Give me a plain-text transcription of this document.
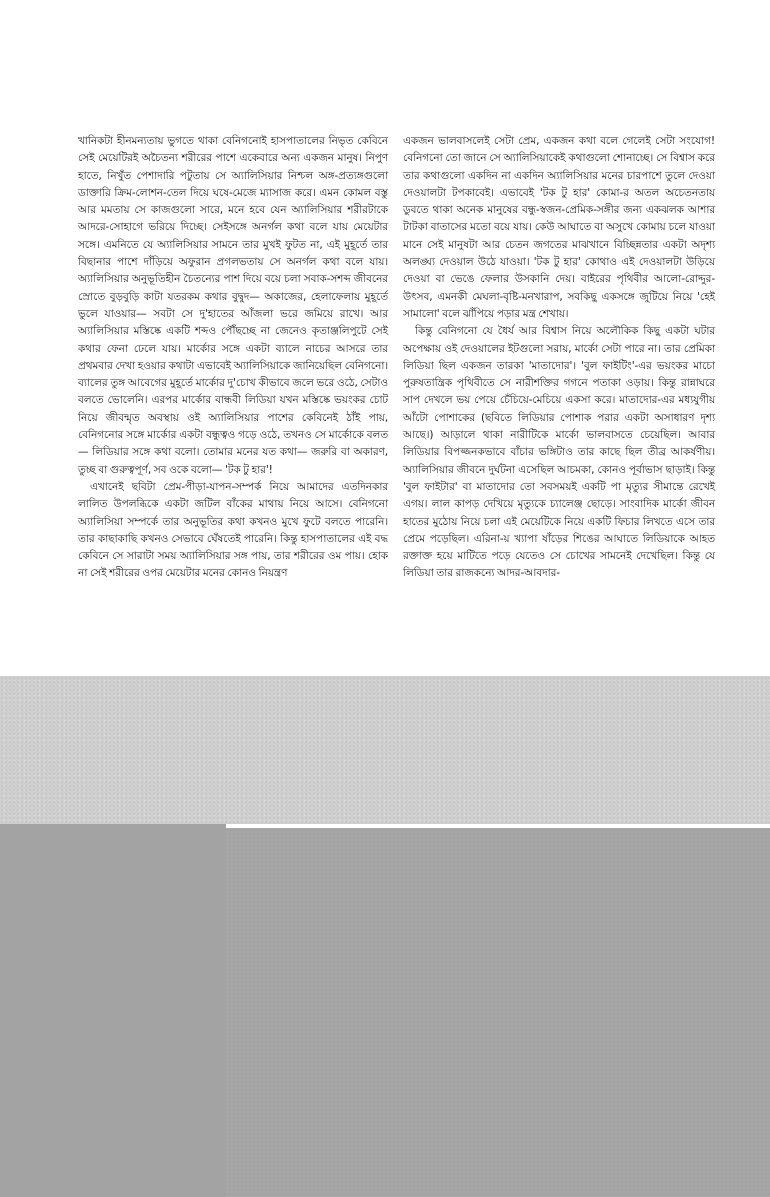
খানিকটা হীনমন্যতায় ভুগতে থাকা বেনিগনোই হাসপাতালের নিভৃত কেবিনে সেই মেয়েটিরই অচৈতন্য শরীরের পাশে একেবারে অন্য একজন মানুষ। নিপুণ হাতে, নিখুঁত পেশাদারি পটুতায় সে অ্যালিসিয়ার নিশ্চল অঙ্গ-প্রত্যঙ্গগুলো ডাক্তারি ক্রিম-লোশন-তেল দিয়ে ঘষে-মেজে ম্যাসাজ করে। এমন কোমল বস্তু আর মমতায় সে কাজগুলো সারে, মনে হবে যেন অ্যালিসিয়ার শরীরটাকে আদরে-সোহাগে ভরিয়ে দিচ্ছে। সেইসঙ্গে অনর্গল কথা বলে যায় মেয়েটার সঙ্গে। এমনিতে যে অ্যালিসিয়ার সামনে তার মুখই ফুটত না, এই মুহূর্তে তার বিছানার পাশে দাঁড়িয়ে অফুরান প্রগলভতায় সে অনর্গল কথা বলে যায়। অ্যালিসিয়ার অনুভূতিহীন চৈতন্যের পাশ দিয়ে বয়ে চলা সবাক-সশব্দ জীবনের স্রোতে বুড়বুড়ি কাটা যতরকম কথার বুদ্বুদ— অকাজের, হেলাফেলায় মুহূর্তে ভুলে যাওয়ার— সবটা সে দু'হাতের আঁজলা ভরে জমিয়ে রাখে। আর অ্যালিসিয়ার মস্তিষ্কে একটি শব্দও পৌঁছচ্ছে না জেনেও কৃতাঞ্জলিপুটে সেই কথার ফেনা ঢেলে যায়। মার্কোর সঙ্গে একটা ব্যালে নাচের আসরে তার প্রথমবার দেখা হওয়ার কথাটা এভাবেই অ্যালিসিয়াকে জানিয়েছিল বেনিগনো। ব্যালের তুঙ্গ আবেগের মুহূর্তে মার্কোর দু'চোখ কীভাবে জলে ভরে ওঠে, সেটাও বলতে ভোলেনি। এরপর মার্কোর বান্ধবী লিডিয়া যখন মস্তিষ্কে ভয়ংকর চোট নিয়ে জীবন্মৃত অবস্থায় ওই অ্যালিসিয়ার পাশের কেবিনেই ঠাঁই পায়, বেনিগনোর সঙ্গে মার্কোর একটা বন্ধুত্বও গড়ে ওঠে, তখনও সে মার্কোকে বলত— লিডিয়ার সঙ্গে কথা বলো। তোমার মনের যত কথা— জরুরি বা অকারণ, তুচ্ছ বা গুরুত্বপূর্ণ, সব ওকে বলো— 'টক টু হার'!

এখানেই ছবিটা প্রেম-পীড়া-যাপন-সম্পর্ক নিয়ে আমাদের এতদিনকার লালিত উপলব্ধিকে একটা জটিল বাঁকের মাথায় নিয়ে আসে। বেনিগনো অ্যালিসিয়া সম্পর্কে তার অনুভূতির কথা কখনও মুখে ফুটে বলতে পারেনি। তার কাছাকাছি কখনও সেভাবে ঘেঁষতেই পারেনি। কিন্তু হাসপাতালের এই বদ্ধ কেবিনে সে সারাটা সময় অ্যালিসিয়ার সঙ্গ পায়, তার শরীরের ওম পায়। হোক না সেই শরীরের ওপর মেয়েটার মনের কোনও নিয়ন্ত্রণ

একজন ভালবাসলেই সেটা প্রেম, একজন কথা বলে গেলেই সেটা সংযোগ! বেনিগনো তো জানে সে অ্যালিসিয়াকেই কথাগুলো শোনাচ্ছে। সে বিশ্বাস করে তার কথাগুলো একদিন না একদিন অ্যালিসিয়ার মনের চারপাশে তুলে দেওয়া দেওয়ালটা টপকাবেই। এভাবেই 'টক টু হার' কোমা-র অতল অচেতনতায় ডুবতে থাকা অনেক মানুষের বন্ধু-স্বজন-প্রেমিক-সঙ্গীর জন্য একঝলক আশার টাটকা বাতাসের মতো বয়ে যায়। কেউ আঘাতে বা অসুখে কোমায় চলে যাওয়া মানে সেই মানুষটা আর চেতন জগতের মাঝখানে বিচ্ছিন্নতার একটা অদৃশ্য অলঙ্ঘ্য দেওয়াল উঠে যাওয়া। 'টক টু হার' কোথাও এই দেওয়ালটা উড়িয়ে দেওয়া বা ভেঙে ফেলার উসকানি দেয়। বাইরের পৃথিবীর আলো-রোদ্দুর-উৎসব, এমনকী মেঘলা-বৃষ্টি-মনখারাপ, সবকিছু একসঙ্গে জুটিয়ে নিয়ে 'হেই সামালো' বলে ঝাঁপিয়ে পড়ার মন্ত্র শেখায়।

কিন্তু বেনিগনো যে ধৈর্য আর বিশ্বাস নিয়ে অলৌকিক কিছু একটা ঘটার অপেক্ষায় ওই দেওয়ালের ইটগুলো সরায়, মার্কো সেটা পারে না। তার প্রেমিকা লিডিয়া ছিল একজন তারকা 'মাতাদোর'। 'বুল ফাইটিং'-এর ভয়ংকর মাচো পুরুষতান্ত্রিক পৃথিবীতে সে নারীশক্তির গগনে পতাকা ওড়ায়। কিন্তু রান্নাঘরে সাপ দেখলে ভয় পেয়ে চেঁচিয়ে-মেচিয়ে একসা করে। মাতাদোর-এর মধ্যযুগীয় আঁটো পোশাকের (ছবিতে লিডিয়ার পোশাক পরার একটা অসাধারণ দৃশ্য আছে।) আড়ালে থাকা নারীটিকে মার্কো ভালবাসতে চেয়েছিল। আবার লিডিয়ার বিপজ্জনকভাবে বাঁচার ভঙ্গিটাও তার কাছে ছিল তীব্র আকর্ষণীয়। অ্যালিসিয়ার জীবনে দুর্ঘটনা এসেছিল আচমকা, কোনও পূর্বাভাস ছাড়াই। কিন্তু 'বুল ফাইটার' বা মাতাদোর তো সবসময়ই একটি পা মৃত্যুর সীমান্তে রেখেই এগয়। লাল কাপড় দেখিয়ে মৃত্যুকে চ্যালেঞ্জ ছোড়ে। সাংবাদিক মার্কো জীবন হাতের মুঠোয় নিয়ে চলা এই মেয়েটিকে নিয়ে একটি ফিচার লিখতে এসে তার প্রেমে পড়েছিল। এরিনা-য় খ্যাপা ষাঁড়ের শিঙের আঘাতে লিডিয়াকে আহত রক্তাক্ত হয়ে মাটিতে পড়ে যেতেও সে চোখের সামনেই দেখেছিল। কিন্তু যে লিডিয়া তার রাজকন্যে আদর-আবদার-
